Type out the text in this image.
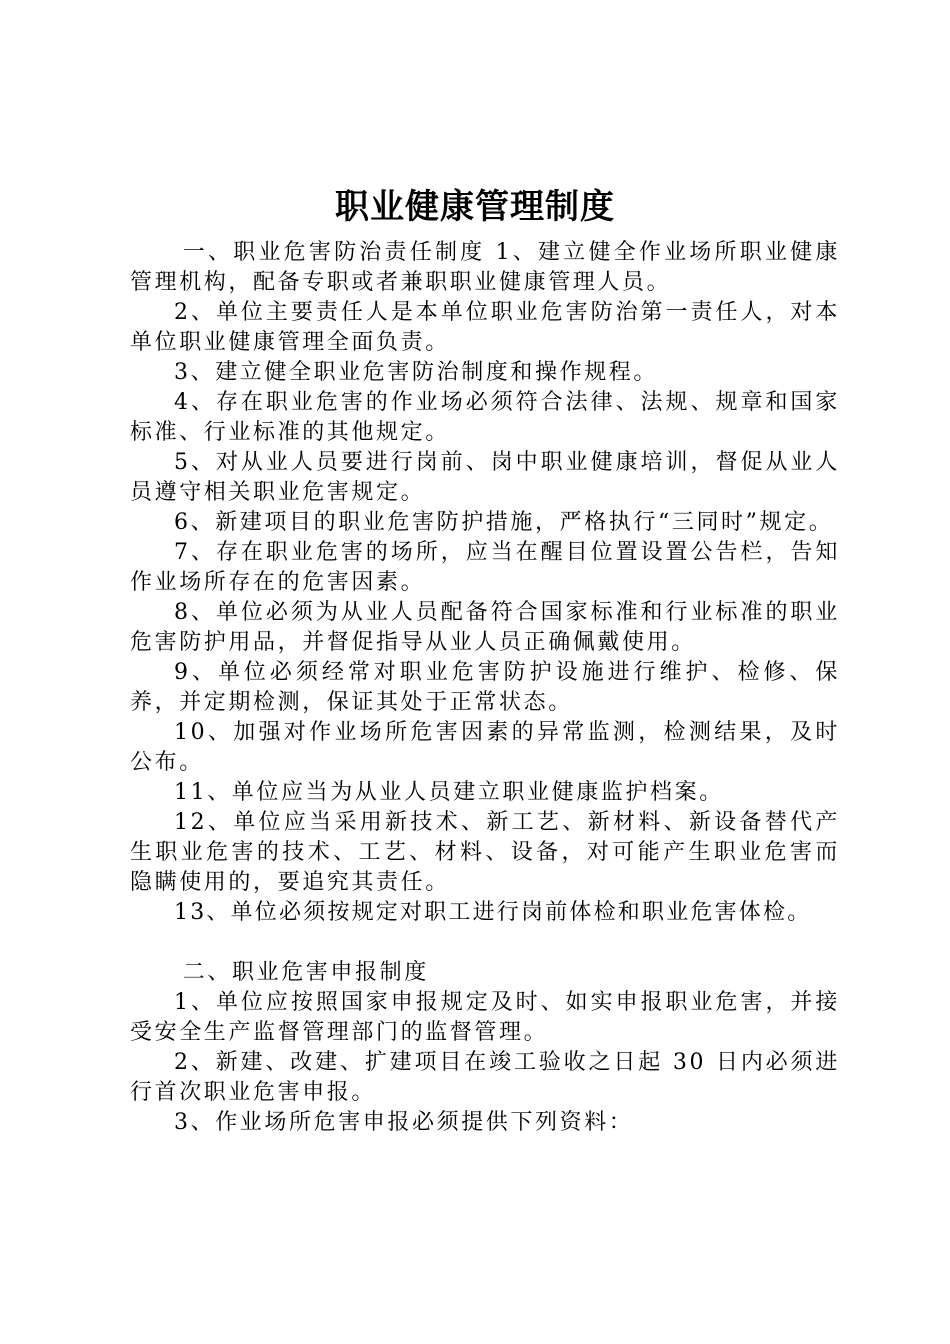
职业健康管理制度

一、职业危害防治责任制度 1、建立健全作业场所职业健康管理机构，配备专职或者兼职职业健康管理人员。

2、单位主要责任人是本单位职业危害防治第一责任人，对本单位职业健康管理全面负责。

3、建立健全职业危害防治制度和操作规程。

4、存在职业危害的作业场必须符合法律、法规、规章和国家标准、行业标准的其他规定。

5、对从业人员要进行岗前、岗中职业健康培训，督促从业人员遵守相关职业危害规定。

6、新建项目的职业危害防护措施，严格执行“三同时”规定。

7、存在职业危害的场所，应当在醒目位置设置公告栏，告知作业场所存在的危害因素。

8、单位必须为从业人员配备符合国家标准和行业标准的职业危害防护用品，并督促指导从业人员正确佩戴使用。

9、单位必须经常对职业危害防护设施进行维护、检修、保养，并定期检测，保证其处于正常状态。

10、加强对作业场所危害因素的异常监测，检测结果，及时公布。

11、单位应当为从业人员建立职业健康监护档案。

12、单位应当采用新技术、新工艺、新材料、新设备替代产生职业危害的技术、工艺、材料、设备，对可能产生职业危害而隐瞒使用的，要追究其责任。

13、单位必须按规定对职工进行岗前体检和职业危害体检。

二、职业危害申报制度

1、单位应按照国家申报规定及时、如实申报职业危害，并接受安全生产监督管理部门的监督管理。

2、新建、改建、扩建项目在竣工验收之日起 30 日内必须进行首次职业危害申报。

3、作业场所危害申报必须提供下列资料：
